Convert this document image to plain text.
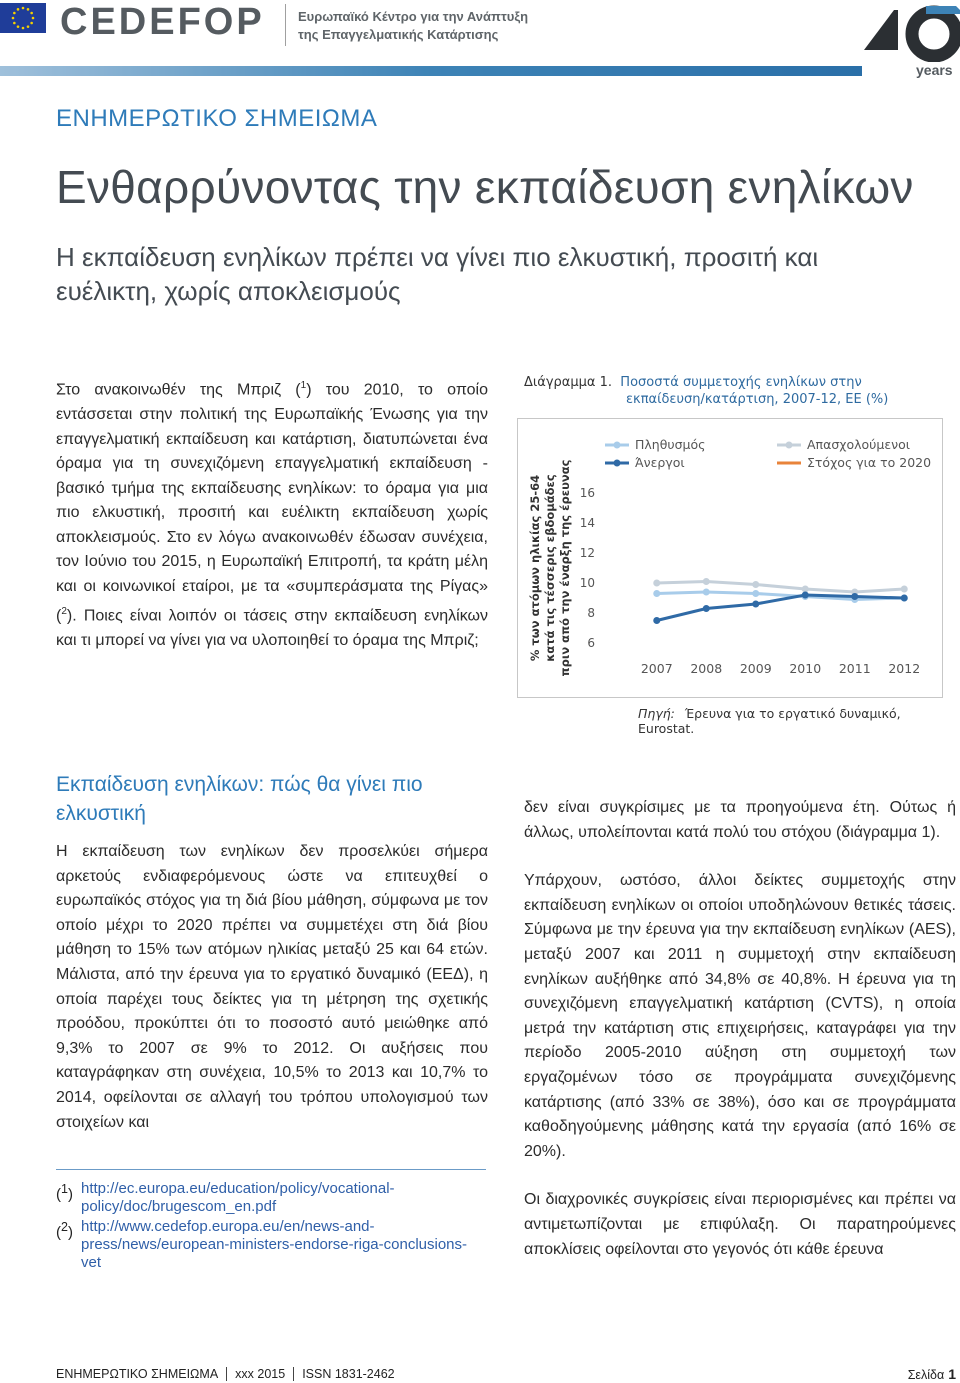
CEDEFOP	Ευρωπαϊκό Κέντρο για την Ανάπτυξη
της Επαγγελματικής Κατάρτισης
40
years
ΕΝΗΜΕΡΩΤΙΚΟ ΣΗΜΕΙΩΜΑ
Ενθαρρύνοντας την εκπαίδευση ενηλίκων
Η εκπαίδευση ενηλίκων πρέπει να γίνει πιο ελκυστική, προσιτή και ευέλικτη, χωρίς αποκλεισμούς
Στο ανακοινωθέν της Μπριζ ($^1$) του 2010, το οποίο εντάσσεται στην πολιτική της Ευρωπαϊκής Ένωσης για την επαγγελματική εκπαίδευση και κατάρτιση, διατυπώνεται ένα όραμα για τη συνεχιζόμενη επαγγελματική εκπαίδευση - βασικό τμήμα της εκπαίδευσης ενηλίκων: το όραμα για μια πιο ελκυστική, προσιτή και ευέλικτη εκπαίδευση χωρίς αποκλεισμούς. Στο εν λόγω ανακοινωθέν έδωσαν συνέχεια, τον Ιούνιο του 2015, η Ευρωπαϊκή Επιτροπή, τα κράτη μέλη και οι κοινωνικοί εταίροι, με τα «συμπεράσματα της Ρίγας» ($^2$). Ποιες είναι λοιπόν οι τάσεις στην εκπαίδευση ενηλίκων και τι μπορεί να γίνει για να υλοποιηθεί το όραμα της Μπριζ;
Διάγραμμα 1. Ποσοστά συμμετοχής ενηλίκων στην
εκπαίδευση/κατάρτιση, 2007-12, ΕΕ (%)
% των ατόμων ηλικίας 25-64 κατά τις τέσσερις εβδομάδες πριν από την έναρξη της έρευνας 6
8
10
12
14
16
2007 2008 2009 2010 2011 2012
Πληθυσμός	Απασχολούμενοι
Άνεργοι	Στόχος για το 2020
Πηγή: Έρευνα για το εργατικό δυναμικό, Eurostat.
Εκπαίδευση ενηλίκων: πώς θα γίνει πιο ελκυστική
Η εκπαίδευση των ενηλίκων δεν προσελκύει σήμερα αρκετούς ενδιαφερόμενους ώστε να επιτευχθεί ο ευρωπαϊκός στόχος για τη διά βίου μάθηση, σύμφωνα με τον οποίο μέχρι το 2020 πρέπει να συμμετέχει στη διά βίου μάθηση το 15% των ατόμων ηλικίας μεταξύ 25 και 64 ετών. Μάλιστα, από την έρευνα για το εργατικό δυναμικό (ΕΕΔ), η οποία παρέχει τους δείκτες για τη μέτρηση της σχετικής προόδου, προκύπτει ότι το ποσοστό αυτό μειώθηκε από 9,3% το 2007 σε 9% το 2012. Οι αυξήσεις που καταγράφηκαν στη συνέχεια, 10,5% το 2013 και 10,7% το 2014, οφείλονται σε αλλαγή του τρόπου υπολογισμού των στοιχείων και

δεν είναι συγκρίσιμες με τα προηγούμενα έτη. Ούτως ή άλλως, υπολείπονται κατά πολύ του στόχου (διάγραμμα 1).

Υπάρχουν, ωστόσο, άλλοι δείκτες συμμετοχής στην εκπαίδευση ενηλίκων οι οποίοι υποδηλώνουν θετικές τάσεις. Σύμφωνα με την έρευνα για την εκπαίδευση ενηλίκων (AES), μεταξύ 2007 και 2011 η συμμετοχή στην εκπαίδευση ενηλίκων αυξήθηκε από 34,8% σε 40,8%. Η έρευνα για τη συνεχιζόμενη επαγγελματική κατάρτιση (CVTS), η οποία μετρά την κατάρτιση στις επιχειρήσεις, καταγράφει για την περίοδο 2005-2010 αύξηση στη συμμετοχή των εργαζομένων τόσο σε προγράμματα συνεχιζόμενης κατάρτισης (από 33% σε 38%), όσο και σε προγράμματα καθοδηγούμενης μάθησης κατά την εργασία (από 16% σε 20%).

Οι διαχρονικές συγκρίσεις είναι περιορισμένες και πρέπει να αντιμετωπίζονται με επιφύλαξη. Οι παρατηρούμενες αποκλίσεις οφείλονται στο γεγονός ότι κάθε έρευνα

($^1$) http://ec.europa.eu/education/policy/vocational-policy/doc/brugescom_en.pdf
($^2$) http://www.cedefop.europa.eu/en/news-and-press/news/european-ministers-endorse-riga-conclusions-vet
ΕΝΗΜΕΡΩΤΙΚΟ ΣΗΜΕΙΩΜΑ xxx 2015 ISSN 1831-2462	Σελίδα 1
